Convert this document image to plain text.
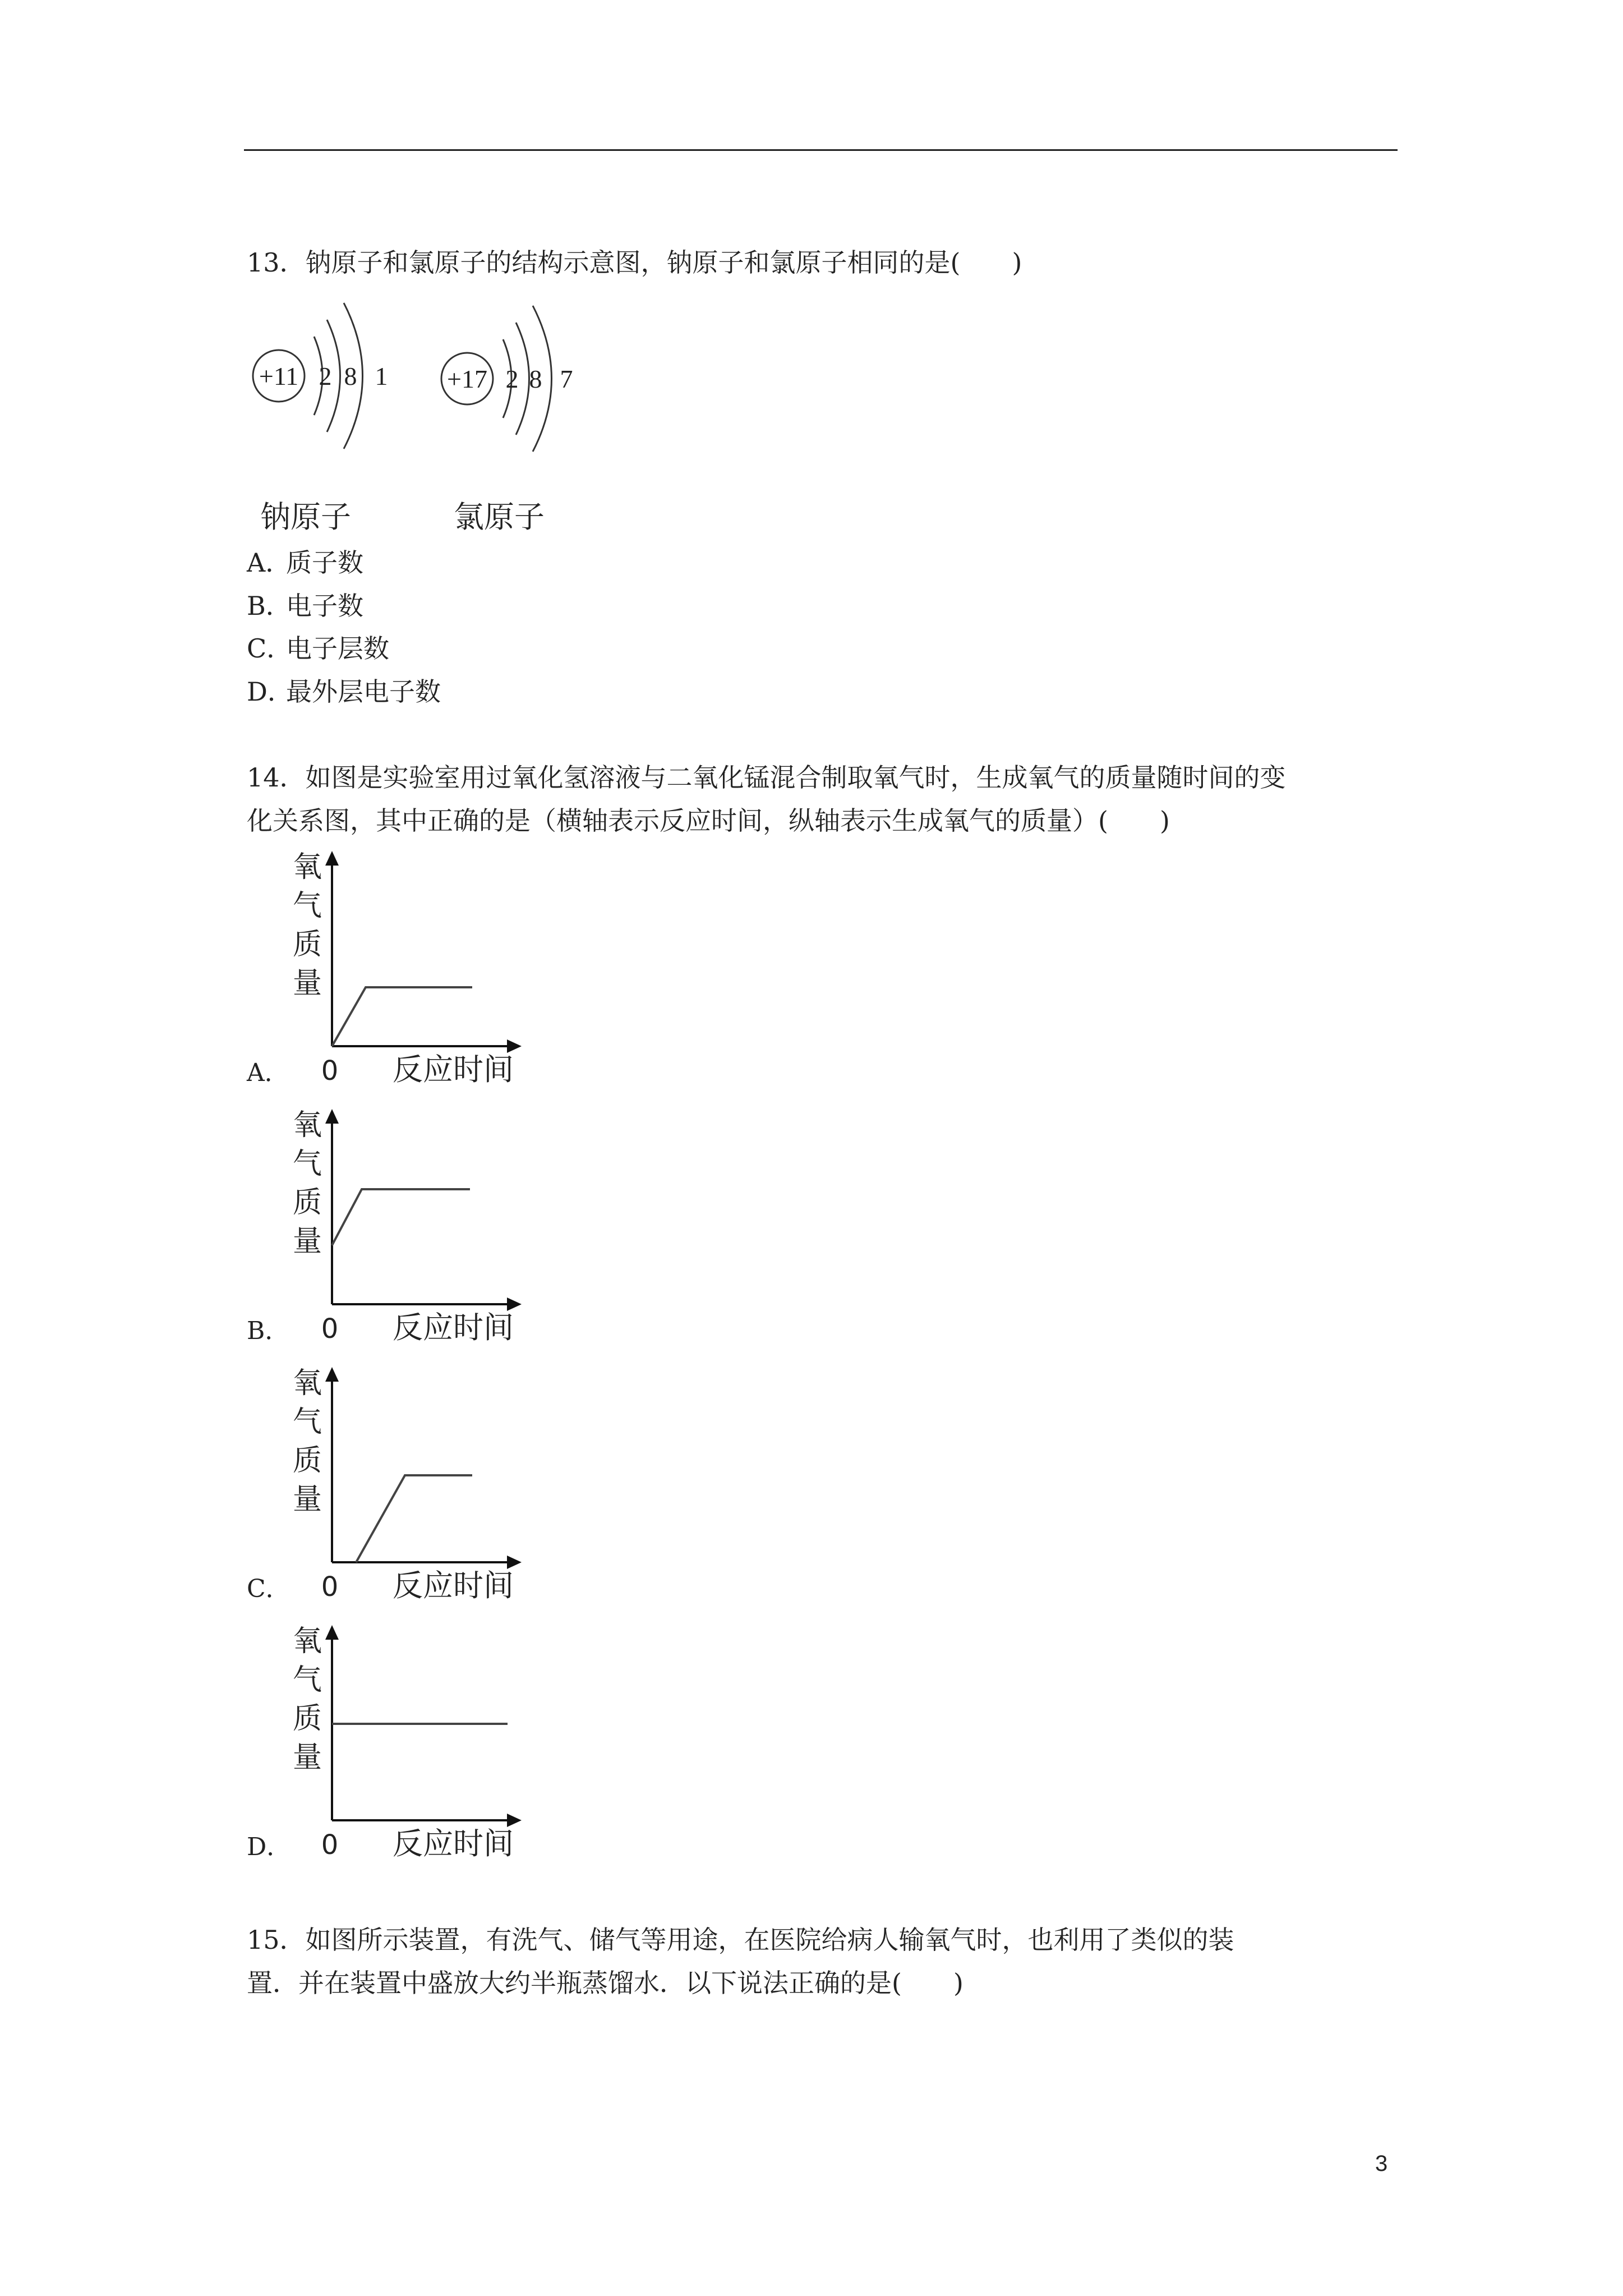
13．钠原子和氯原子的结构示意图，钠原子和氯原子相同的是(　　)
+11 2 8 1
钠原子
+17 2 8 7
氯原子
A．质子数
B．电子数
C．电子层数
D．最外层电子数
14．如图是实验室用过氧化氢溶液与二氧化锰混合制取氧气时，生成氧气的质量随时间的变
化关系图，其中正确的是（横轴表示反应时间，纵轴表示生成氧气的质量）(　　)
氧
气
质
量
0 反应时间
A．
氧
气
质
量
0 反应时间
B．
氧
气
质
量
0 反应时间
C．
氧
气
质
量
0 反应时间
D．
15．如图所示装置，有洗气、储气等用途，在医院给病人输氧气时，也利用了类似的装
置．并在装置中盛放大约半瓶蒸馏水．以下说法正确的是(　　)
3
